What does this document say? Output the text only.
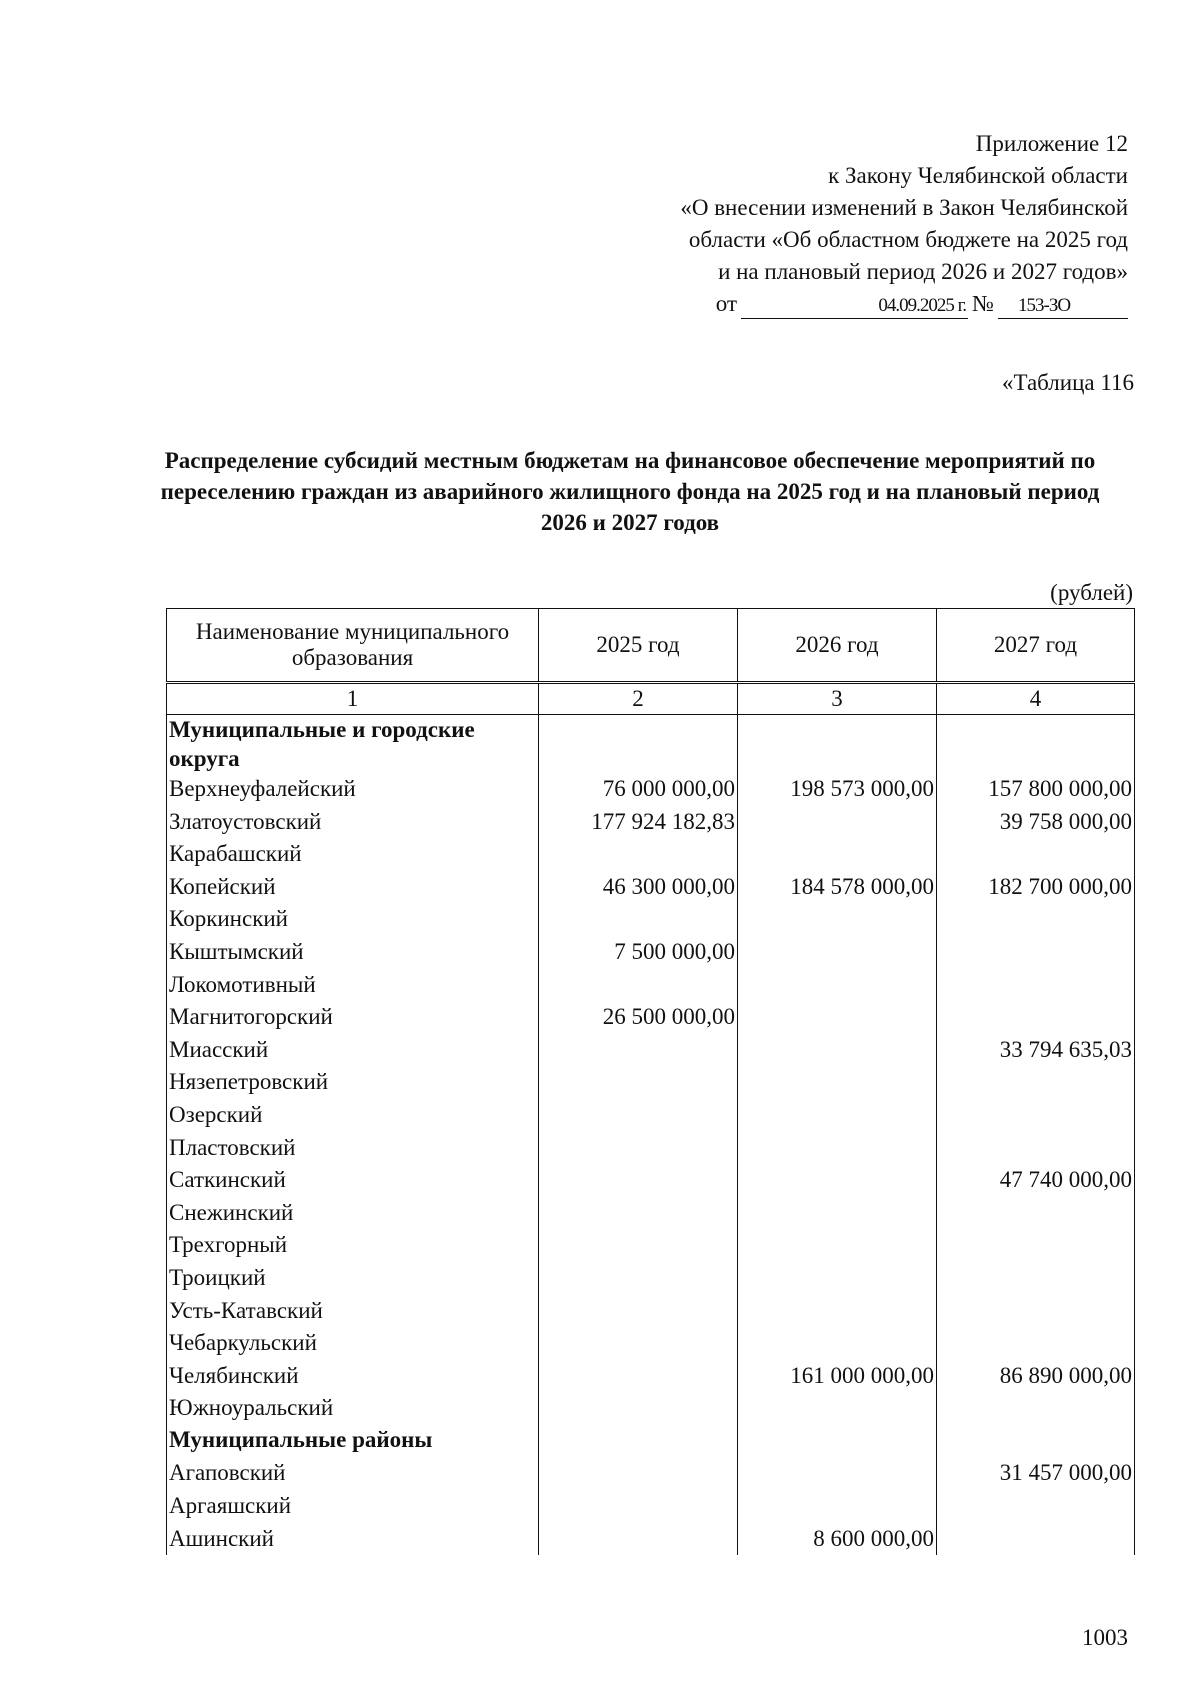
Приложение 12
к Закону Челябинской области
«О внесении изменений в Закон Челябинской
области «Об областном бюджете на 2025 год
и на плановый период 2026 и 2027 годов»
от	04.09.2025 г. №	153-ЗО
«Таблица 116
Распределение субсидий местным бюджетам на финансовое обеспечение мероприятий по переселению граждан из аварийного жилищного фонда на 2025 год и на плановый период 2026 и 2027 годов
(рублей)
Наименование муниципального образования	2025 год	2026 год	2027 год
1	2	3	4
Муниципальные и городские округа			
Верхнеуфалейский	76 000 000,00	198 573 000,00	157 800 000,00
Златоустовский	177 924 182,83		39 758 000,00
Карабашский			
Копейский	46 300 000,00	184 578 000,00	182 700 000,00
Коркинский			
Кыштымский	7 500 000,00		
Локомотивный			
Магнитогорский	26 500 000,00		
Миасский			33 794 635,03
Нязепетровский			
Озерский			
Пластовский			
Саткинский			47 740 000,00
Снежинский			
Трехгорный			
Троицкий			
Усть-Катавский			
Чебаркульский			
Челябинский		161 000 000,00	86 890 000,00
Южноуральский			
Муниципальные районы			
Агаповский			31 457 000,00
Аргаяшский			
Ашинский		8 600 000,00	
1003
